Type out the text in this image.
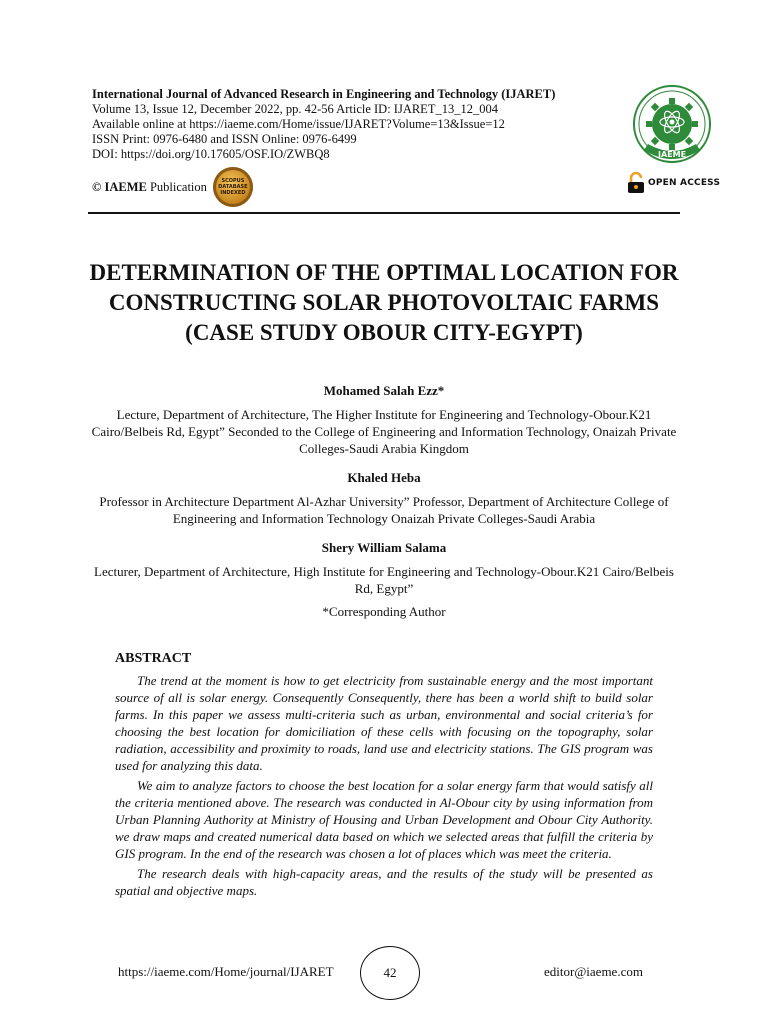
International Journal of Advanced Research in Engineering and Technology (IJARET)
Volume 13, Issue 12, December 2022, pp. 42-56 Article ID: IJARET_13_12_004
Available online at https://iaeme.com/Home/issue/IJARET?Volume=13&Issue=12
ISSN Print: 0976-6480 and ISSN Online: 0976-6499
DOI: https://doi.org/10.17605/OSF.IO/ZWBQ8
© IAEME Publication	SCOPUS
DATABASE
INDEXED
IAEME
OPEN ACCESS
DETERMINATION OF THE OPTIMAL LOCATION FOR CONSTRUCTING SOLAR PHOTOVOLTAIC FARMS (CASE STUDY OBOUR CITY-EGYPT)

Mohamed Salah Ezz*

Lecture, Department of Architecture, The Higher Institute for Engineering and Technology-Obour.K21 Cairo/Belbeis Rd, Egypt” Seconded to the College of Engineering and Information Technology, Onaizah Private Colleges-Saudi Arabia Kingdom

Khaled Heba

Professor in Architecture Department Al-Azhar University” Professor, Department of Architecture College of Engineering and Information Technology Onaizah Private Colleges-Saudi Arabia

Shery William Salama

Lecturer, Department of Architecture, High Institute for Engineering and Technology-Obour.K21 Cairo/Belbeis Rd, Egypt”

*Corresponding Author

ABSTRACT

The trend at the moment is how to get electricity from sustainable energy and the most important source of all is solar energy. Consequently Consequently, there has been a world shift to build solar farms. In this paper we assess multi-criteria such as urban, environmental and social criteria’s for choosing the best location for domiciliation of these cells with focusing on the topography, solar radiation, accessibility and proximity to roads, land use and electricity stations. The GIS program was used for analyzing this data.

We aim to analyze factors to choose the best location for a solar energy farm that would satisfy all the criteria mentioned above. The research was conducted in Al-Obour city by using information from Urban Planning Authority at Ministry of Housing and Urban Development and Obour City Authority. we draw maps and created numerical data based on which we selected areas that fulfill the criteria by GIS program. In the end of the research was chosen a lot of places which was meet the criteria.

The research deals with high-capacity areas, and the results of the study will be presented as spatial and objective maps.

https://iaeme.com/Home/journal/IJARET	42	editor@iaeme.com
